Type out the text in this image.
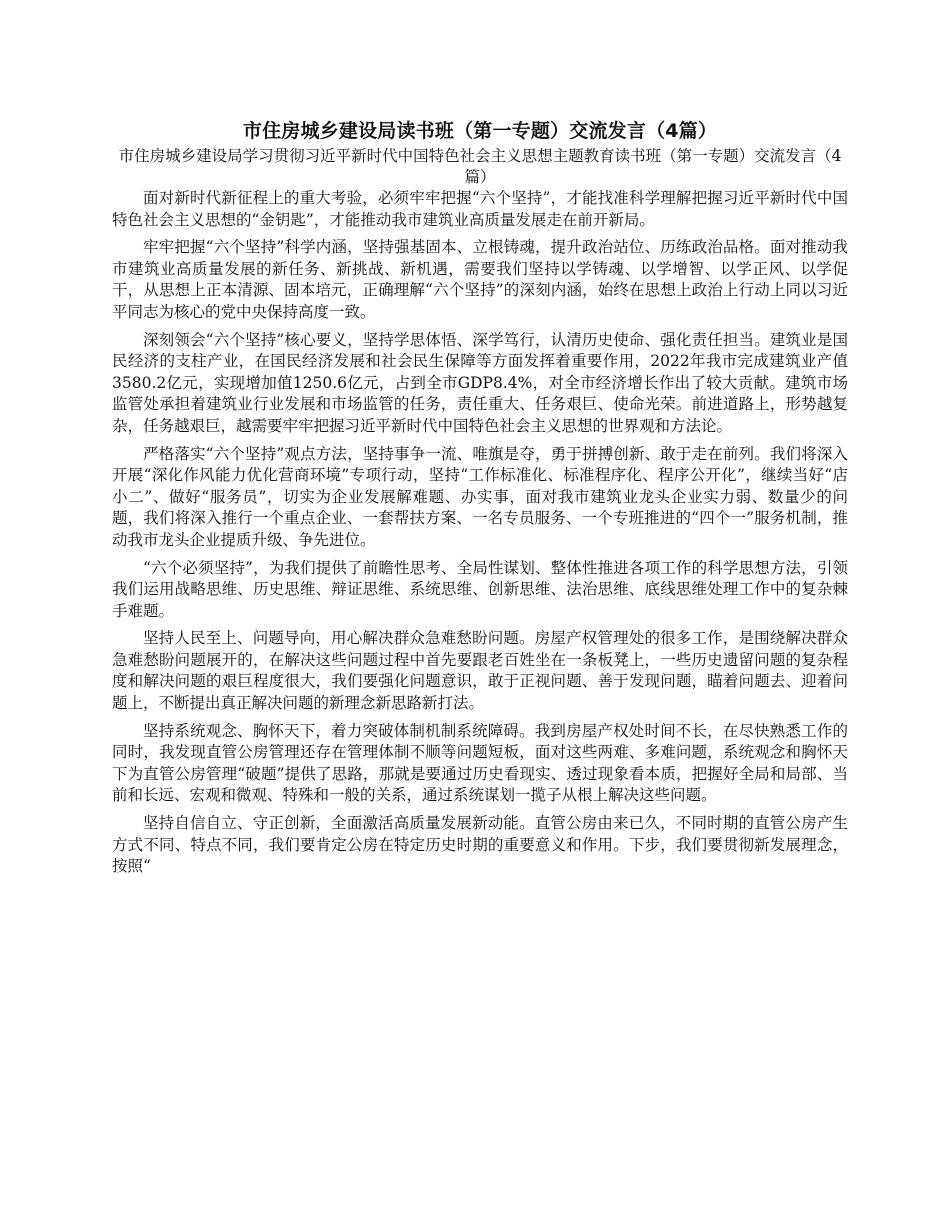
市住房城乡建设局读书班（第一专题）交流发言（4篇）

市住房城乡建设局学习贯彻习近平新时代中国特色社会主义思想主题教育读书班（第一专题）交流发言（4篇）

面对新时代新征程上的重大考验，必须牢牢把握“六个坚持”，才能找准科学理解把握习近平新时代中国特色社会主义思想的“金钥匙”，才能推动我市建筑业高质量发展走在前开新局。

牢牢把握“六个坚持”科学内涵，坚持强基固本、立根铸魂，提升政治站位、历练政治品格。面对推动我市建筑业高质量发展的新任务、新挑战、新机遇，需要我们坚持以学铸魂、以学增智、以学正风、以学促干，从思想上正本清源、固本培元，正确理解“六个坚持”的深刻内涵，始终在思想上政治上行动上同以习近平同志为核心的党中央保持高度一致。

深刻领会“六个坚持”核心要义，坚持学思体悟、深学笃行，认清历史使命、强化责任担当。建筑业是国民经济的支柱产业，在国民经济发展和社会民生保障等方面发挥着重要作用，2022年我市完成建筑业产值3580.2亿元，实现增加值1250.6亿元，占到全市GDP8.4%，对全市经济增长作出了较大贡献。建筑市场监管处承担着建筑业行业发展和市场监管的任务，责任重大、任务艰巨、使命光荣。前进道路上，形势越复杂，任务越艰巨，越需要牢牢把握习近平新时代中国特色社会主义思想的世界观和方法论。

严格落实“六个坚持”观点方法，坚持事争一流、唯旗是夺，勇于拼搏创新、敢于走在前列。我们将深入开展“深化作风能力优化营商环境”专项行动，坚持“工作标准化、标准程序化、程序公开化”，继续当好“店小二”、做好“服务员”，切实为企业发展解难题、办实事，面对我市建筑业龙头企业实力弱、数量少的问题，我们将深入推行一个重点企业、一套帮扶方案、一名专员服务、一个专班推进的“四个一”服务机制，推动我市龙头企业提质升级、争先进位。

“六个必须坚持”，为我们提供了前瞻性思考、全局性谋划、整体性推进各项工作的科学思想方法，引领我们运用战略思维、历史思维、辩证思维、系统思维、创新思维、法治思维、底线思维处理工作中的复杂棘手难题。

坚持人民至上、问题导向，用心解决群众急难愁盼问题。房屋产权管理处的很多工作，是围绕解决群众急难愁盼问题展开的，在解决这些问题过程中首先要跟老百姓坐在一条板凳上，一些历史遗留问题的复杂程度和解决问题的艰巨程度很大，我们要强化问题意识，敢于正视问题、善于发现问题，瞄着问题去、迎着问题上，不断提出真正解决问题的新理念新思路新打法。

坚持系统观念、胸怀天下，着力突破体制机制系统障碍。我到房屋产权处时间不长，在尽快熟悉工作的同时，我发现直管公房管理还存在管理体制不顺等问题短板，面对这些两难、多难问题，系统观念和胸怀天下为直管公房管理“破题”提供了思路，那就是要通过历史看现实、透过现象看本质，把握好全局和局部、当前和长远、宏观和微观、特殊和一般的关系，通过系统谋划一揽子从根上解决这些问题。

坚持自信自立、守正创新，全面激活高质量发展新动能。直管公房由来已久，不同时期的直管公房产生方式不同、特点不同，我们要肯定公房在特定历史时期的重要意义和作用。下步，我们要贯彻新发展理念，按照“
